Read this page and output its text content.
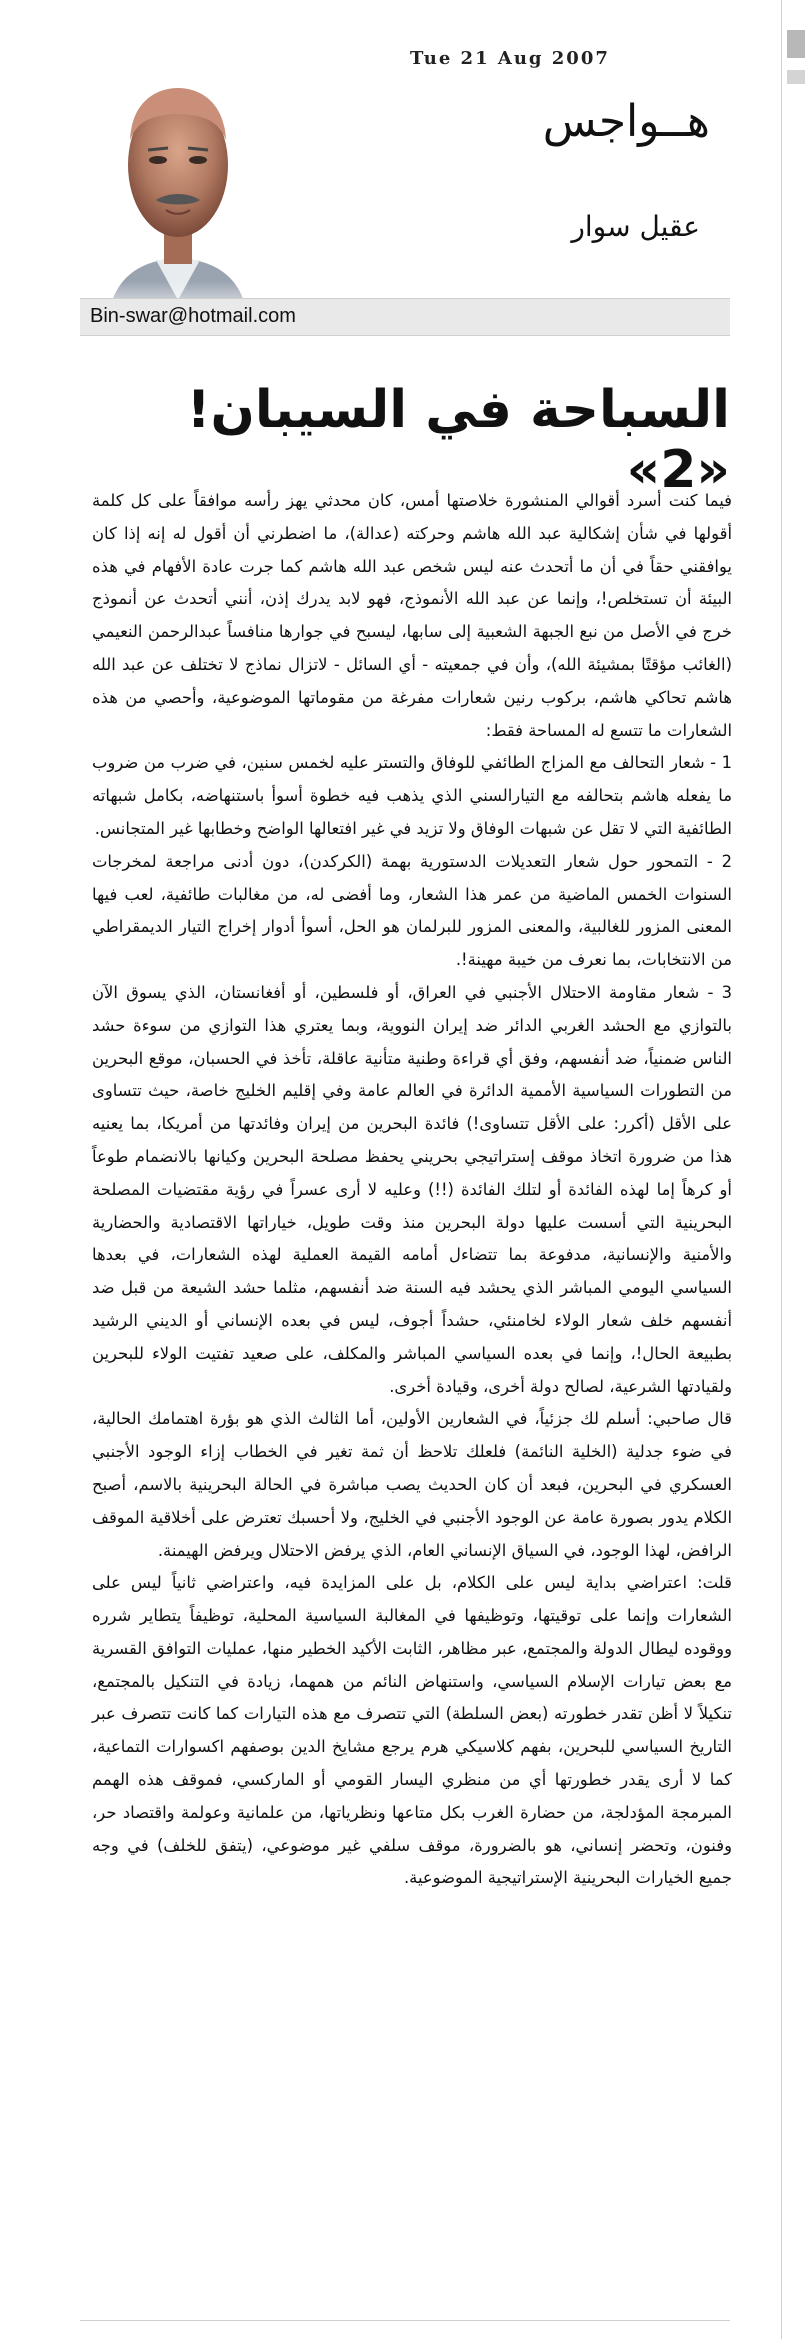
Tue 21 Aug 2007
هــواجس
عقيل سوار
Bin-swar@hotmail.com
السباحة في السيبان! «2»

فيما كنت أسرد أقوالي المنشورة خلاصتها أمس، كان محدثي يهز رأسه موافقاً على كل كلمة أقولها في شأن إشكالية عبد الله هاشم وحركته (عدالة)، ما اضطرني أن أقول له إنه إذا كان يوافقني حقاً في أن ما أتحدث عنه ليس شخص عبد الله هاشم كما جرت عادة الأفهام في هذه البيئة أن تستخلص!، وإنما عن عبد الله الأنموذج، فهو لابد يدرك إذن، أنني أتحدث عن أنموذج خرج في الأصل من نبع الجبهة الشعبية إلى سابها، ليسبح في جوارها منافساً عبدالرحمن النعيمي (الغائب مؤقتًا بمشيئة الله)، وأن في جمعيته - أي السائل - لاتزال نماذج لا تختلف عن عبد الله هاشم تحاكي هاشم، بركوب رنين شعارات مفرغة من مقوماتها الموضوعية، وأحصي من هذه الشعارات ما تتسع له المساحة فقط:

1 - شعار التحالف مع المزاج الطائفي للوفاق والتستر عليه لخمس سنين، في ضرب من ضروب ما يفعله هاشم بتحالفه مع التيارالسني الذي يذهب فيه خطوة أسوأ باستنهاضه، بكامل شبهاته الطائفية التي لا تقل عن شبهات الوفاق ولا تزيد في غير افتعالها الواضح وخطابها غير المتجانس.

2 - التمحور حول شعار التعديلات الدستورية بهمة (الكركدن)، دون أدنى مراجعة لمخرجات السنوات الخمس الماضية من عمر هذا الشعار، وما أفضى له، من مغالبات طائفية، لعب فيها المعنى المزور للغالبية، والمعنى المزور للبرلمان هو الحل، أسوأ أدوار إخراج التيار الديمقراطي من الانتخابات، بما نعرف من خيبة مهينة!.

3 - شعار مقاومة الاحتلال الأجنبي في العراق، أو فلسطين، أو أفغانستان، الذي يسوق الآن بالتوازي مع الحشد الغربي الدائر ضد إيران النووية، وبما يعتري هذا التوازي من سوءة حشد الناس ضمنياً، ضد أنفسهم، وفق أي قراءة وطنية متأنية عاقلة، تأخذ في الحسبان، موقع البحرين من التطورات السياسية الأممية الدائرة في العالم عامة وفي إقليم الخليج خاصة، حيث تتساوى على الأقل (أكرر: على الأقل تتساوى!) فائدة البحرين من إيران وفائدتها من أمريكا، بما يعنيه هذا من ضرورة اتخاذ موقف إستراتيجي بحريني يحفظ مصلحة البحرين وكيانها بالانضمام طوعاً أو كرهاً إما لهذه الفائدة أو لتلك الفائدة (!!) وعليه لا أرى عسراً في رؤية مقتضيات المصلحة البحرينية التي أسست عليها دولة البحرين منذ وقت طويل، خياراتها الاقتصادية والحضارية والأمنية والإنسانية، مدفوعة بما تتضاءل أمامه القيمة العملية لهذه الشعارات، في بعدها السياسي اليومي المباشر الذي يحشد فيه السنة ضد أنفسهم، مثلما حشد الشيعة من قبل ضد أنفسهم خلف شعار الولاء لخامنئي، حشداً أجوف، ليس في بعده الإنساني أو الديني الرشيد بطبيعة الحال!، وإنما في بعده السياسي المباشر والمكلف، على صعيد تفتيت الولاء للبحرين ولقيادتها الشرعية، لصالح دولة أخرى، وقيادة أخرى.

قال صاحبي: أسلم لك جزئياً، في الشعارين الأولين، أما الثالث الذي هو بؤرة اهتمامك الحالية، في ضوء جدلية (الخلية النائمة) فلعلك تلاحظ أن ثمة تغير في الخطاب إزاء الوجود الأجنبي العسكري في البحرين، فبعد أن كان الحديث يصب مباشرة في الحالة البحرينية بالاسم، أصبح الكلام يدور بصورة عامة عن الوجود الأجنبي في الخليج، ولا أحسبك تعترض على أخلاقية الموقف الرافض، لهذا الوجود، في السياق الإنساني العام، الذي يرفض الاحتلال ويرفض الهيمنة.

قلت: اعتراضي بداية ليس على الكلام، بل على المزايدة فيه، واعتراضي ثانياً ليس على الشعارات وإنما على توقيتها، وتوظيفها في المغالبة السياسية المحلية، توظيفاً يتطاير شرره ووقوده ليطال الدولة والمجتمع، عبر مظاهر، الثابت الأكيد الخطير منها، عمليات التوافق القسرية مع بعض تيارات الإسلام السياسي، واستنهاض النائم من همهما، زيادة في التنكيل بالمجتمع، تنكيلاً لا أظن تقدر خطورته (بعض السلطة) التي تتصرف مع هذه التيارات كما كانت تتصرف عبر التاريخ السياسي للبحرين، بفهم كلاسيكي هرم يرجع مشايخ الدين بوصفهم اكسوارات التماعية، كما لا أرى يقدر خطورتها أي من منظري اليسار القومي أو الماركسي، فموقف هذه الهمم المبرمجة المؤدلجة، من حضارة الغرب بكل متاعها ونظرياتها، من علمانية وعولمة واقتصاد حر، وفنون، وتحضر إنساني، هو بالضرورة، موقف سلفي غير موضوعي، (يتفق للخلف) في وجه جميع الخيارات البحرينية الإستراتيجية الموضوعية.
